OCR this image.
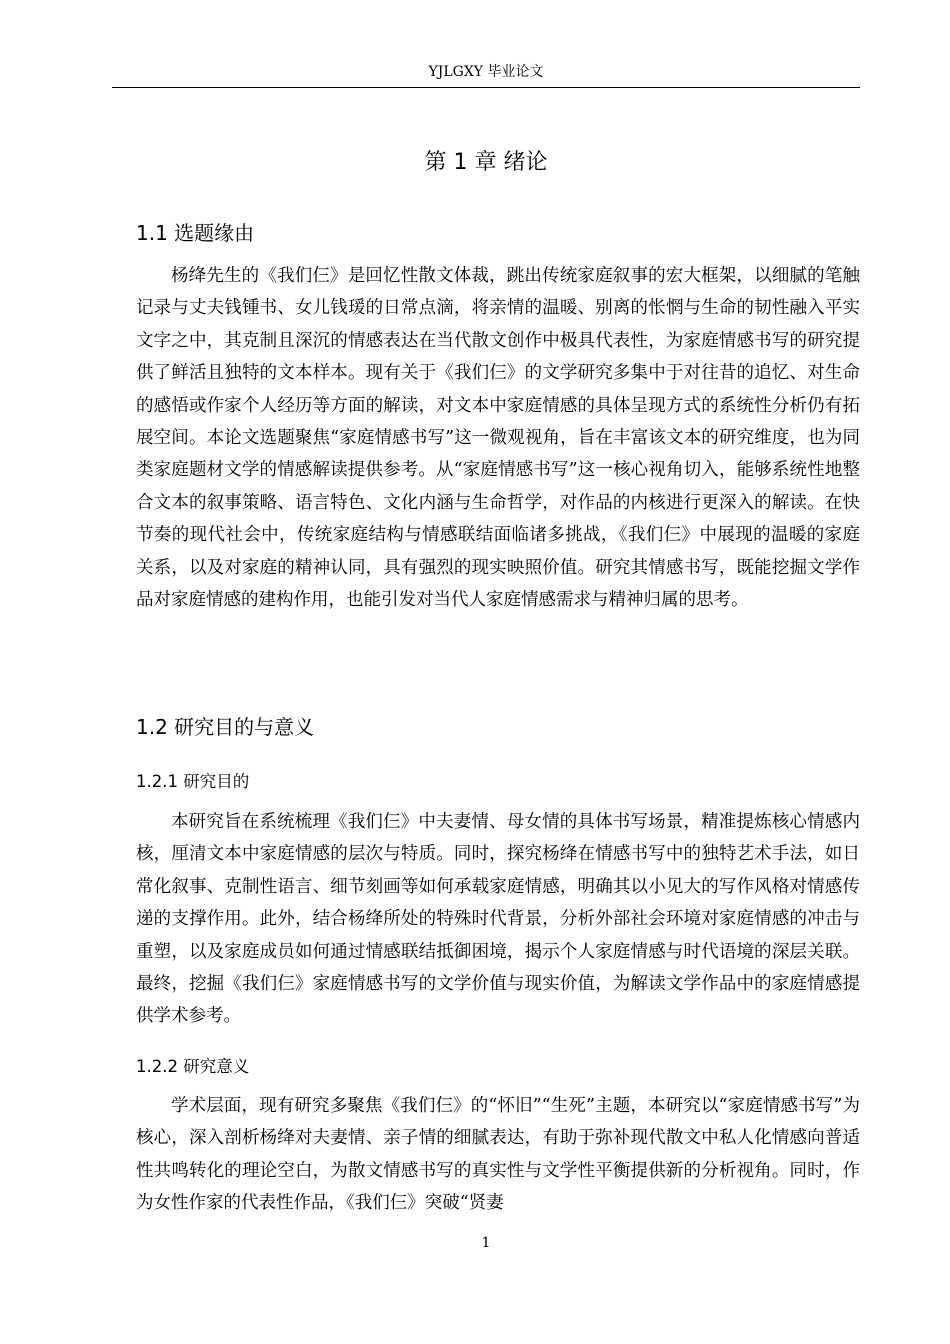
YJLGXY 毕业论文
第 1 章 绪论
1.1 选题缘由

杨绛先生的《我们仨》是回忆性散文体裁，跳出传统家庭叙事的宏大框架，以细腻的笔触记录与丈夫钱锺书、女儿钱瑗的日常点滴，将亲情的温暖、别离的怅惘与生命的韧性融入平实文字之中，其克制且深沉的情感表达在当代散文创作中极具代表性，为家庭情感书写的研究提供了鲜活且独特的文本样本。现有关于《我们仨》的文学研究多集中于对往昔的追忆、对生命的感悟或作家个人经历等方面的解读，对文本中家庭情感的具体呈现方式的系统性分析仍有拓展空间。本论文选题聚焦“家庭情感书写”这一微观视角，旨在丰富该文本的研究维度，也为同类家庭题材文学的情感解读提供参考。从“家庭情感书写”这一核心视角切入，能够系统性地整合文本的叙事策略、语言特色、文化内涵与生命哲学，对作品的内核进行更深入的解读。在快节奏的现代社会中，传统家庭结构与情感联结面临诸多挑战，《我们仨》中展现的温暖的家庭关系，以及对家庭的精神认同，具有强烈的现实映照价值。研究其情感书写，既能挖掘文学作品对家庭情感的建构作用，也能引发对当代人家庭情感需求与精神归属的思考。

1.2 研究目的与意义
1.2.1 研究目的

本研究旨在系统梳理《我们仨》中夫妻情、母女情的具体书写场景，精准提炼核心情感内核，厘清文本中家庭情感的层次与特质。同时，探究杨绛在情感书写中的独特艺术手法，如日常化叙事、克制性语言、细节刻画等如何承载家庭情感，明确其以小见大的写作风格对情感传递的支撑作用。此外，结合杨绛所处的特殊时代背景，分析外部社会环境对家庭情感的冲击与重塑，以及家庭成员如何通过情感联结抵御困境，揭示个人家庭情感与时代语境的深层关联。最终，挖掘《我们仨》家庭情感书写的文学价值与现实价值，为解读文学作品中的家庭情感提供学术参考。

1.2.2 研究意义

学术层面，现有研究多聚焦《我们仨》的“怀旧”“生死”主题，本研究以“家庭情感书写”为核心，深入剖析杨绛对夫妻情、亲子情的细腻表达，有助于弥补现代散文中私人化情感向普适性共鸣转化的理论空白，为散文情感书写的真实性与文学性平衡提供新的分析视角。同时，作为女性作家的代表性作品，《我们仨》突破“贤妻

1
